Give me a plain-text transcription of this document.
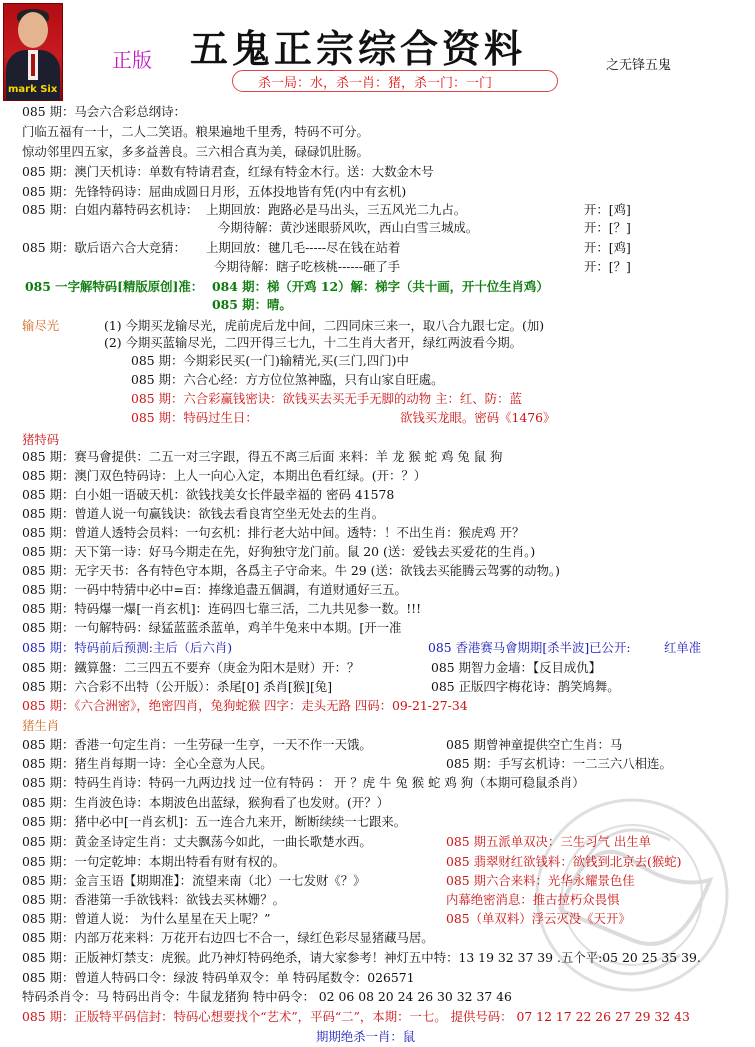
mark Six
正版 五鬼正宗综合资料	之无锋五鬼
杀一局：水，杀一肖：猪，杀一门：一门
085 期：马会六合彩总纲诗：
门临五福有一十，二人二笑语。粮果遍地千里秀，特码不可分。
惊动邻里四五家，多多益善良。三六相合真为美，碌碌饥肚肠。
085 期：澳门天机诗：单数有特请君查，红绿有特金木行。送：大数金木号
085 期：先锋特码诗：屈曲成圆日月形，五体投地皆有凭(内中有玄机)
085 期：白姐内幕特码玄机诗： 上期回放：跑路必是马出头，三五风光二九占。	开：[鸡]
今期待解：黄沙迷眼骄风吹，西山白雪三城成。	开：[？]
085 期：歇后语六合大竞猜： 上期回放：毽几毛-----尽在钱在站着	开：[鸡]
今期待解：瞎子吃核桃------砸了手	开：[？]
085 一字解特码[精版原创]准： 084 期：梯（开鸡 12）解：梯字（共十画，开十位生肖鸡）
085 期：晴。
输尽光	(1) 今期买龙输尽光，虎前虎后龙中间，二四同床三来一，取八合九跟七定。(加)
(2) 今期买蓝输尽光，二四开得三七九，十二生肖大者开，绿红两波看今期。
085 期：今期彩民买(一门)输精光,买(三门,四门)中
085 期：六合心经：方方位位煞神臨，只有山家自旺處。
085 期：六合彩赢钱密诀：欲钱买去买无手无脚的动物 主：红、防：蓝
085 期：特码过生日：	欲钱买龙眼。密码《1476》
猪特码
085 期：赛马會提供：二五一对三字跟，得五不离三后面 来料：羊 龙 猴 蛇 鸡 兔 鼠 狗
085 期：澳门双色特码诗：上人一向心入定，本期出色看红绿。(开：？）
085 期：白小姐一语破天机：欲钱找美女长伴最幸福的 密码 41578
085 期：曾道人说一句赢钱诀：欲钱去看良宵空坐无处去的生肖。
085 期：曾道人透特会员料：一句玄机：排行老大站中间。透特：！不出生肖：猴虎鸡 开？
085 期：天下第一诗：好马今期走在先，好狗独守龙门前。鼠 20 (送：爱钱去买爱花的生肖。)
085 期：无字天书：各有特色守本期，各爲主子守命来。牛 29 (送：欲钱去买能腾云驾雾的动物。)
085 期：一码中特猜中必中=百：捧缘追盡五個調，有道财通好三五。
085 期：特码爆一爆[一肖玄机]：连码四七靠三活，二九共见参一数。!!!
085 期：一句解特码：绿猛蓝蓝杀蓝单，鸡羊牛兔来中本期。[开一准
085 期：特码前后预测:主后（后六肖)	085 香港赛马會期期[杀半波]已公开:	红单准
085 期：鐵算盤：二三四五不要弃（庚金为阳木是财）开：？	085 期智力金墙：【反目成仇】
085 期：六合彩不出特（公开版）：杀尾[0] 杀肖[猴][兔]	085 正版四字梅花诗：鹊笑鸠舞。
085 期：《六合洲密》，绝密四肖，兔狗蛇猴 四字：走头无路 四码：09-21-27-34
猪生肖
085 期：香港一句定生肖：一生劳碌一生亨，一天不作一天饿。	085 期曾神童提供空亡生肖：马
085 期：猪生肖每期一诗：全心全意为人民。	085 期：手写玄机诗：一二三六八相连。
085 期：特码生肖诗：特码一九两边找 过一位有特码 ： 开 ？虎 牛 兔 猴 蛇 鸡 狗（本期可稳鼠杀肖）
085 期：生肖波色诗：本期波色出蓝绿，猴狗看了也发财。(开？）
085 期：猪中必中[一肖玄机]：五一连合九来开，断断续续一七跟来。
085 期：黄金圣诗定生肖：丈夫飘荡今如此，一曲长歌楚水西。	085 期五派单双决：三生习气 出生单
085 期：一句定乾坤：本期出特看有财有权的。	085 翡翠财红欲钱料：欲钱到北京去(猴蛇)
085 期：金言玉语【期期准】：流望来南（北）一七发财《？》	085 期六合来料：光华永耀景色佳
085 期：香港第一手欲钱料：欲钱去买林姗？。	内幕绝密消息：推古拉朽众畏惧
085 期：曾道人说： 为什么星星在天上呢？”	085（单双料）浮云灭没《天开》
085 期：内部万花来料：万花开右边四七不合一，绿红色彩尽显猪藏马居。
085 期：正版神灯禁支：虎猴。此乃神灯特码绝杀，请大家参考！神灯五中特：13 19 32 37 39 .五个平:05 20 25 35 39.
085 期：曾道人特码口令：绿波 特码单双令：单 特码尾数令：026571
特码杀肖令：马 特码出肖令：牛鼠龙猪狗 特中码令： 02 06 08 20 24 26 30 32 37 46
085 期：正版特平码信封：特码心想要找个“艺术”，平码“二”，本期：一七。 提供号码： 07 12 17 22 26 27 29 32 43
期期绝杀一肖：鼠
